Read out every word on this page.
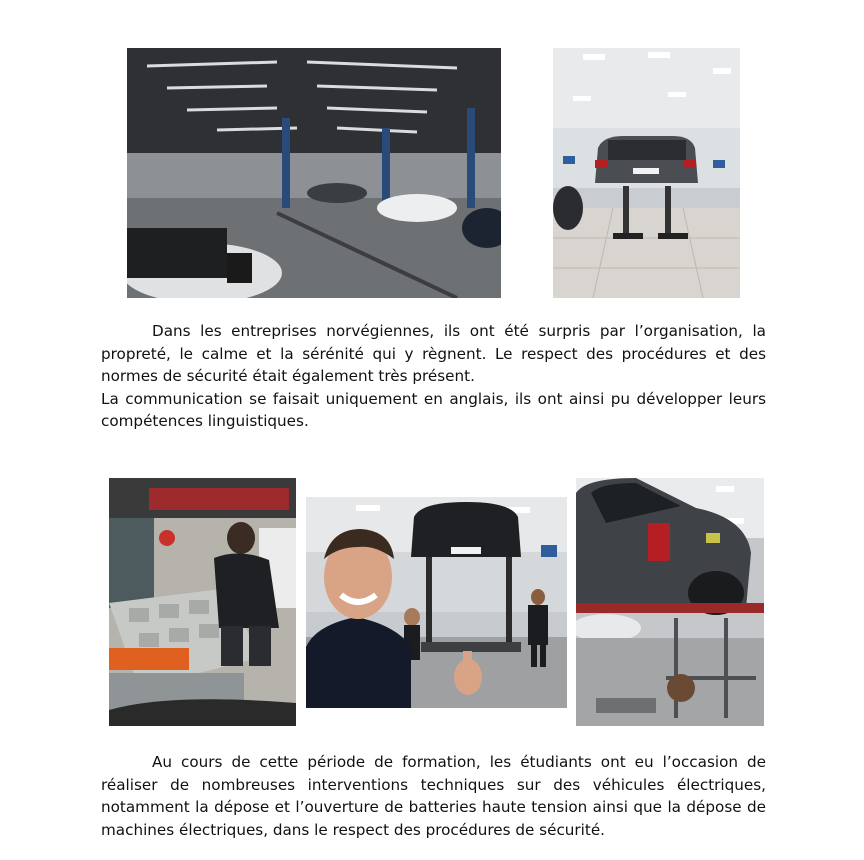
Dans les entreprises norvégiennes, ils ont été surpris par l’organisation, la propreté, le calme et la sérénité qui y règnent. Le respect des procédures et des normes de sécurité était également très présent.
La communication se faisait uniquement en anglais, ils ont ainsi pu développer leurs compétences linguistiques.

Au cours de cette période de formation, les étudiants ont eu l’occasion de réaliser de nombreuses interventions techniques sur des véhicules électriques, notamment la dépose et l’ouverture de batteries haute tension ainsi que la dépose de machines électriques, dans le respect des procédures de sécurité.
